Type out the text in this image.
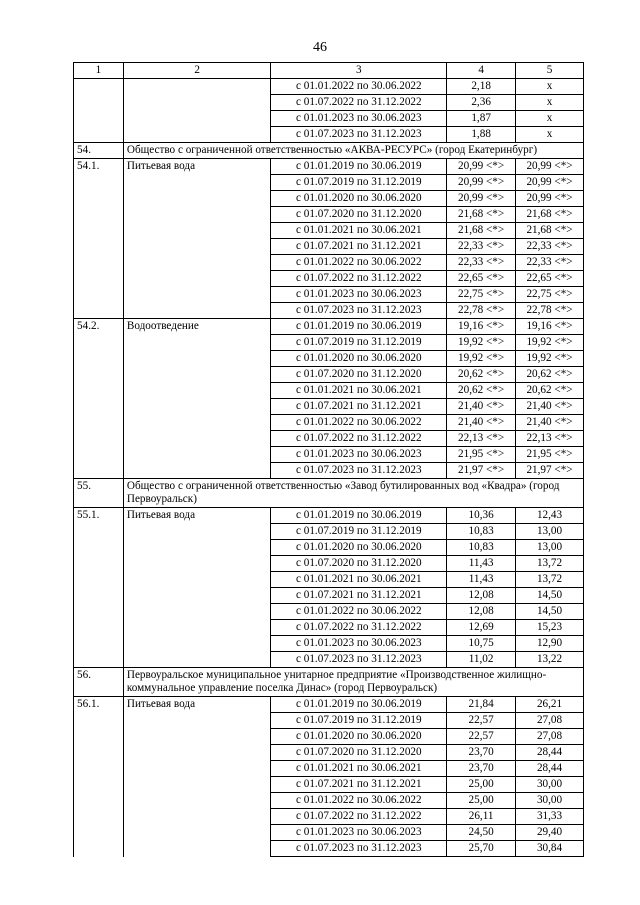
46
1	2	3	4	5
		с 01.01.2022 по 30.06.2022	2,18	х
		с 01.07.2022 по 31.12.2022	2,36	х
		с 01.01.2023 по 30.06.2023	1,87	х
		с 01.07.2023 по 31.12.2023	1,88	х
54.	Общество с ограниченной ответственностью «АКВА-РЕСУРС» (город Екатеринбург)			
54.1.	Питьевая вода	с 01.01.2019 по 30.06.2019	20,99 <*>	20,99 <*>
		с 01.07.2019 по 31.12.2019	20,99 <*>	20,99 <*>
		с 01.01.2020 по 30.06.2020	20,99 <*>	20,99 <*>
		с 01.07.2020 по 31.12.2020	21,68 <*>	21,68 <*>
		с 01.01.2021 по 30.06.2021	21,68 <*>	21,68 <*>
		с 01.07.2021 по 31.12.2021	22,33 <*>	22,33 <*>
		с 01.01.2022 по 30.06.2022	22,33 <*>	22,33 <*>
		с 01.07.2022 по 31.12.2022	22,65 <*>	22,65 <*>
		с 01.01.2023 по 30.06.2023	22,75 <*>	22,75 <*>
		с 01.07.2023 по 31.12.2023	22,78 <*>	22,78 <*>
54.2.	Водоотведение	с 01.01.2019 по 30.06.2019	19,16 <*>	19,16 <*>
		с 01.07.2019 по 31.12.2019	19,92 <*>	19,92 <*>
		с 01.01.2020 по 30.06.2020	19,92 <*>	19,92 <*>
		с 01.07.2020 по 31.12.2020	20,62 <*>	20,62 <*>
		с 01.01.2021 по 30.06.2021	20,62 <*>	20,62 <*>
		с 01.07.2021 по 31.12.2021	21,40 <*>	21,40 <*>
		с 01.01.2022 по 30.06.2022	21,40 <*>	21,40 <*>
		с 01.07.2022 по 31.12.2022	22,13 <*>	22,13 <*>
		с 01.01.2023 по 30.06.2023	21,95 <*>	21,95 <*>
		с 01.07.2023 по 31.12.2023	21,97 <*>	21,97 <*>
55.	Общество с ограниченной ответственностью «Завод бутилированных вод «Квадра» (город Первоуральск)			
55.1.	Питьевая вода	с 01.01.2019 по 30.06.2019	10,36	12,43
		с 01.07.2019 по 31.12.2019	10,83	13,00
		с 01.01.2020 по 30.06.2020	10,83	13,00
		с 01.07.2020 по 31.12.2020	11,43	13,72
		с 01.01.2021 по 30.06.2021	11,43	13,72
		с 01.07.2021 по 31.12.2021	12,08	14,50
		с 01.01.2022 по 30.06.2022	12,08	14,50
		с 01.07.2022 по 31.12.2022	12,69	15,23
		с 01.01.2023 по 30.06.2023	10,75	12,90
		с 01.07.2023 по 31.12.2023	11,02	13,22
56.	Первоуральское муниципальное унитарное предприятие «Производственное жилищно-коммунальное управление поселка Динас» (город Первоуральск)			
56.1.	Питьевая вода	с 01.01.2019 по 30.06.2019	21,84	26,21
		с 01.07.2019 по 31.12.2019	22,57	27,08
		с 01.01.2020 по 30.06.2020	22,57	27,08
		с 01.07.2020 по 31.12.2020	23,70	28,44
		с 01.01.2021 по 30.06.2021	23,70	28,44
		с 01.07.2021 по 31.12.2021	25,00	30,00
		с 01.01.2022 по 30.06.2022	25,00	30,00
		с 01.07.2022 по 31.12.2022	26,11	31,33
		с 01.01.2023 по 30.06.2023	24,50	29,40
		с 01.07.2023 по 31.12.2023	25,70	30,84
